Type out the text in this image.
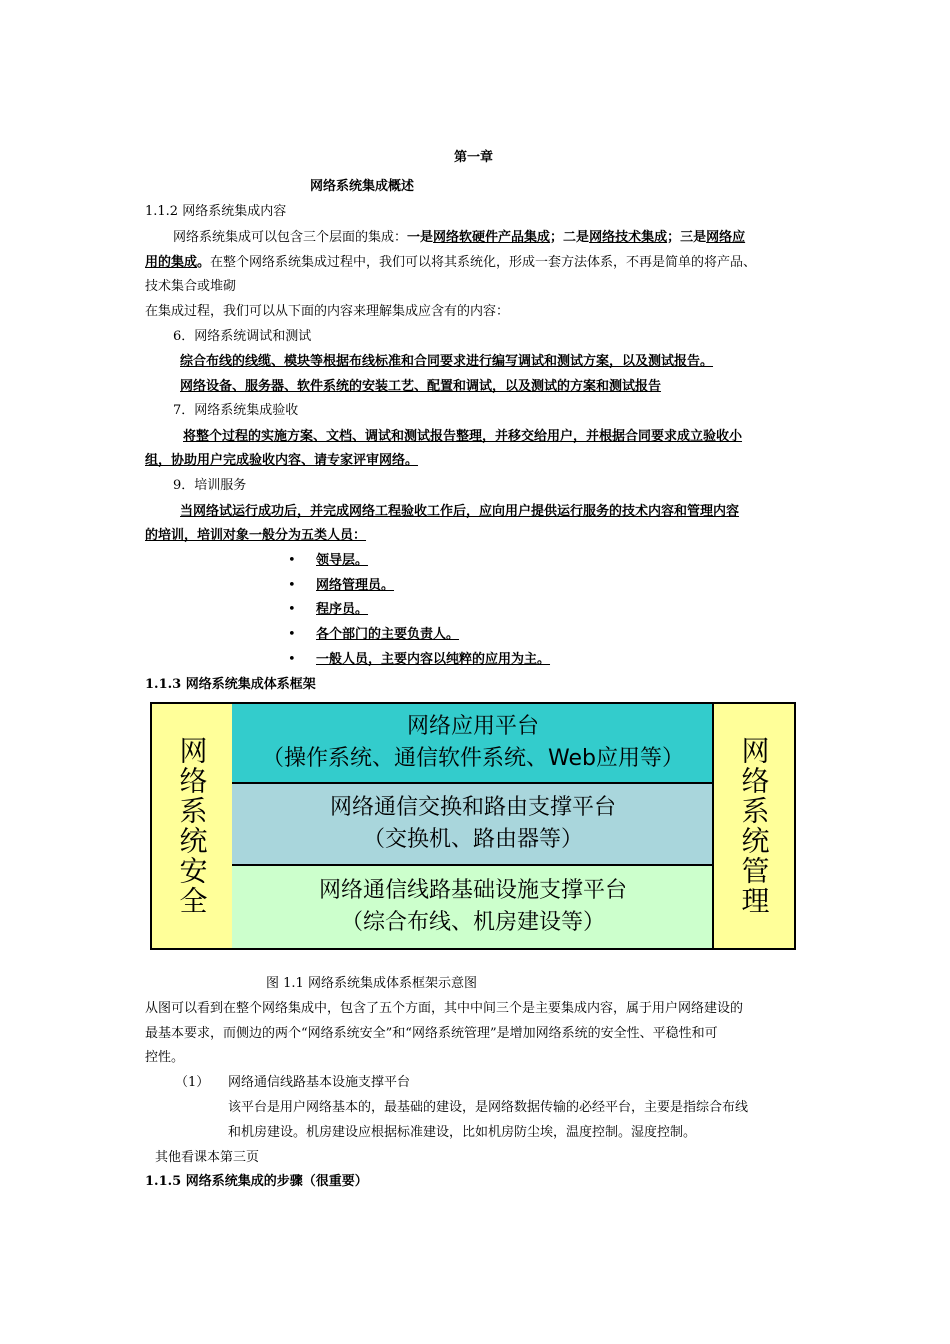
第一章
网络系统集成概述
1.1.2 网络系统集成内容
网络系统集成可以包含三个层面的集成：一是网络软硬件产品集成；二是网络技术集成；三是网络应
用的集成。在整个网络系统集成过程中，我们可以将其系统化，形成一套方法体系，不再是简单的将产品、
技术集合或堆砌
在集成过程，我们可以从下面的内容来理解集成应含有的内容：
6．网络系统调试和测试
综合布线的线缆、模块等根据布线标准和合同要求进行编写调试和测试方案，以及测试报告。
网络设备、服务器、软件系统的安装工艺、配置和调试，以及测试的方案和测试报告
7．网络系统集成验收
将整个过程的实施方案、文档、调试和测试报告整理，并移交给用户，并根据合同要求成立验收小
组，协助用户完成验收内容、请专家评审网络。
9．培训服务
当网络试运行成功后，并完成网络工程验收工作后，应向用户提供运行服务的技术内容和管理内容
的培训，培训对象一般分为五类人员：
• 领导层。
• 网络管理员。
• 程序员。
• 各个部门的主要负责人。
• 一般人员，主要内容以纯粹的应用为主。
1.1.3 网络系统集成体系框架
网络系统安全
网络应用平台
（操作系统、通信软件系统、Web应用等）
网络通信交换和路由支撑平台
（交换机、路由器等）
网络通信线路基础设施支撑平台
（综合布线、机房建设等）
网络系统管理
图 1.1 网络系统集成体系框架示意图
从图可以看到在整个网络集成中，包含了五个方面，其中中间三个是主要集成内容，属于用户网络建设的
最基本要求，而侧边的两个“网络系统安全”和“网络系统管理”是增加网络系统的安全性、平稳性和可
控性。
（1） 网络通信线路基本设施支撑平台
该平台是用户网络基本的，最基础的建设，是网络数据传输的必经平台，主要是指综合布线
和机房建设。机房建设应根据标准建设，比如机房防尘埃，温度控制。湿度控制。
其他看课本第三页
1.1.5 网络系统集成的步骤（很重要）
